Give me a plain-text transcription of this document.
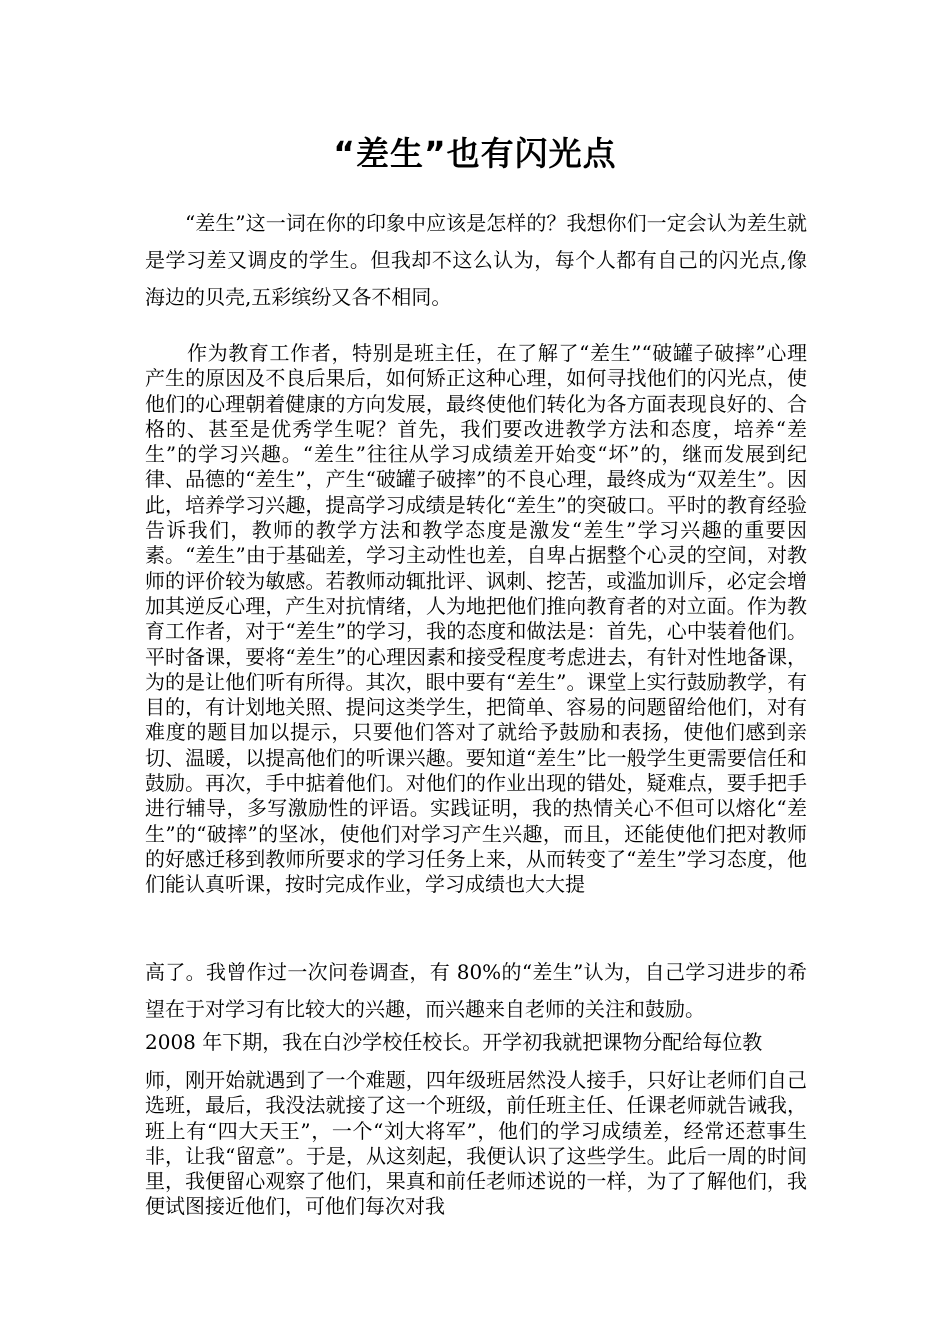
“差生”也有闪光点

“差生”这一词在你的印象中应该是怎样的？我想你们一定会认为差生就是学习差又调皮的学生。但我却不这么认为，每个人都有自己的闪光点,像海边的贝壳,五彩缤纷又各不相同。

作为教育工作者，特别是班主任，在了解了“差生”“破罐子破摔”心理产生的原因及不良后果后，如何矫正这种心理，如何寻找他们的闪光点，使他们的心理朝着健康的方向发展，最终使他们转化为各方面表现良好的、合格的、甚至是优秀学生呢？首先，我们要改进教学方法和态度，培养“差生”的学习兴趣。“差生”往往从学习成绩差开始变“坏”的，继而发展到纪律、品德的“差生”，产生“破罐子破摔”的不良心理，最终成为“双差生”。因此，培养学习兴趣，提高学习成绩是转化“差生”的突破口。平时的教育经验告诉我们，教师的教学方法和教学态度是激发“差生”学习兴趣的重要因素。“差生”由于基础差，学习主动性也差，自卑占据整个心灵的空间，对教师的评价较为敏感。若教师动辄批评、讽刺、挖苦，或滥加训斥，必定会增加其逆反心理，产生对抗情绪，人为地把他们推向教育者的对立面。作为教育工作者，对于“差生”的学习，我的态度和做法是：首先，心中装着他们。平时备课，要将“差生”的心理因素和接受程度考虑进去，有针对性地备课，为的是让他们听有所得。其次，眼中要有“差生”。课堂上实行鼓励教学，有目的，有计划地关照、提问这类学生，把简单、容易的问题留给他们，对有难度的题目加以提示，只要他们答对了就给予鼓励和表扬，使他们感到亲切、温暖，以提高他们的听课兴趣。要知道“差生”比一般学生更需要信任和鼓励。再次，手中掂着他们。对他们的作业出现的错处，疑难点，要手把手进行辅导，多写激励性的评语。实践证明，我的热情关心不但可以熔化“差生”的“破摔”的坚冰，使他们对学习产生兴趣，而且，还能使他们把对教师的好感迁移到教师所要求的学习任务上来，从而转变了“差生”学习态度，他们能认真听课，按时完成作业，学习成绩也大大提

高了。我曾作过一次问卷调查，有 80%的“差生”认为，自己学习进步的希望在于对学习有比较大的兴趣，而兴趣来自老师的关注和鼓励。

2008 年下期，我在白沙学校任校长。开学初我就把课物分配给每位教

师，刚开始就遇到了一个难题，四年级班居然没人接手，只好让老师们自己选班，最后，我没法就接了这一个班级，前任班主任、任课老师就告诫我，班上有“四大天王”，一个“刘大将军”，他们的学习成绩差，经常还惹事生非，让我“留意”。于是，从这刻起，我便认识了这些学生。此后一周的时间里，我便留心观察了他们，果真和前任老师述说的一样，为了了解他们，我便试图接近他们，可他们每次对我
